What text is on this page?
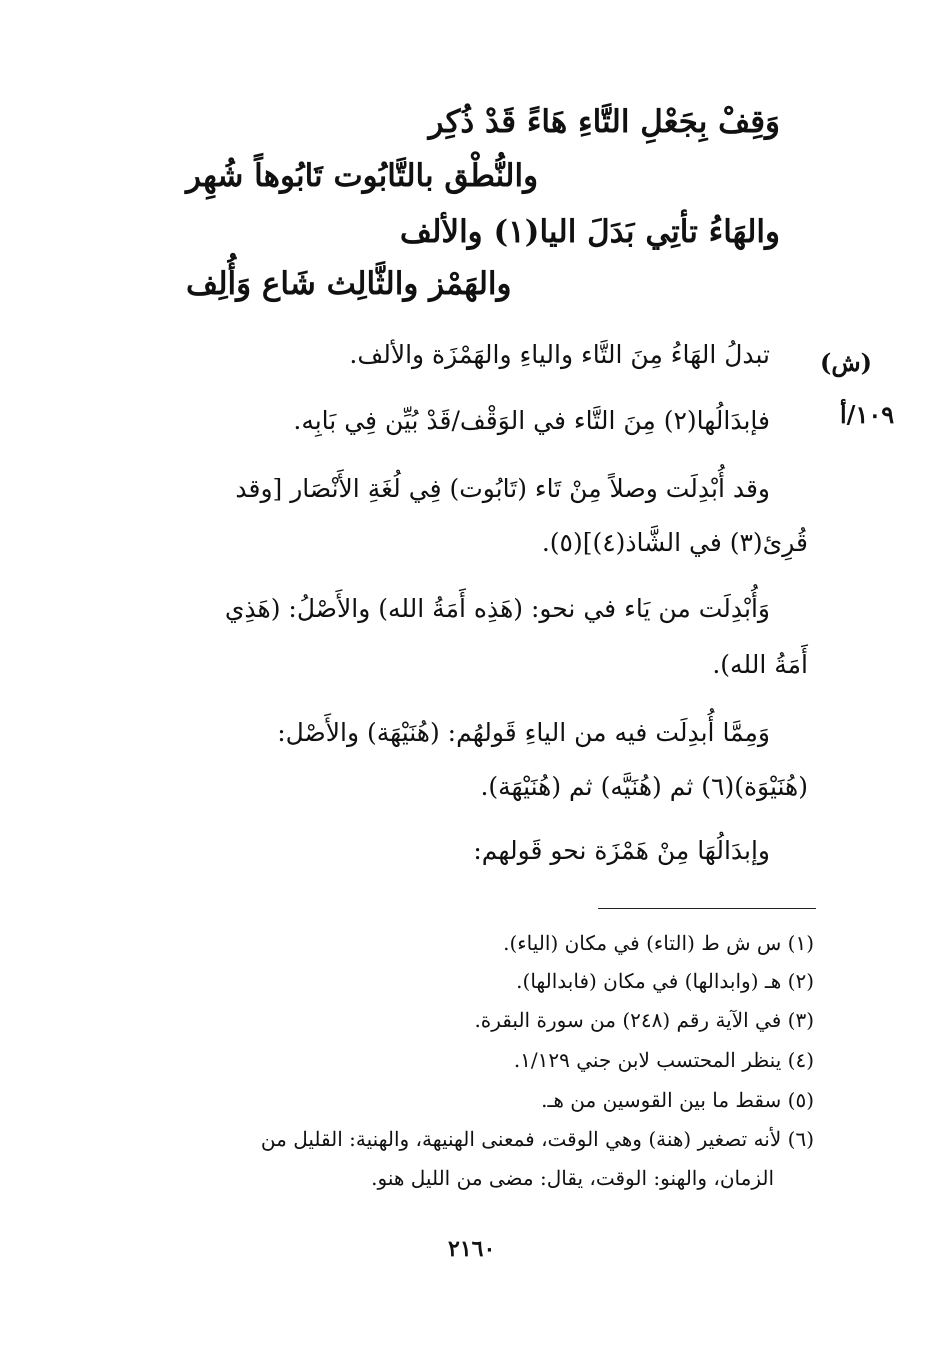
وَقِفْ بِجَعْلِ التَّاءِ هَاءً قَدْ ذُكِر
والنُّطْق بالتَّابُوت تَابُوهاً شُهِر
والهَاءُ تأتِي بَدَلَ اليا(١) والألف
والهَمْز والثَّالِث شَاع وَأُلِف
(ش)
١٠٩/أ
تبدلُ الهَاءُ مِنَ التَّاء والياءِ والهَمْزَة والألف.
فإبدَالُها(٢) مِنَ التَّاء في الوَقْف/قَدْ بُيِّن فِي بَابِه.
وقد أُبْدِلَت وصلاً مِنْ تَاء (تَابُوت) فِي لُغَةِ الأَنْصَار [وقد
قُرِئ(٣) في الشَّاذ(٤)](٥).
وَأُبْدِلَت من يَاء في نحو: (هَذِه أَمَةُ الله) والأَصْلُ: (هَذِي
أَمَةُ الله).
وَمِمَّا أُبدِلَت فيه من الياءِ قَولهُم: (هُنَيْهَة) والأَصْل:
(هُنَيْوَة)(٦) ثم (هُنَيَّه) ثم (هُنَيْهَة).
وإبدَالُهَا مِنْ هَمْزَة نحو قَولهم:
(١) س ش ط (التاء) في مكان (الياء).
(٢) هـ (وابدالها) في مكان (فابدالها).
(٣) في الآية رقم (٢٤٨) من سورة البقرة.
(٤) ينظر المحتسب لابن جني ١/١٢٩.
(٥) سقط ما بين القوسين من هـ.
(٦) لأنه تصغير (هنة) وهي الوقت، فمعنى الهنيهة، والهنية: القليل من
الزمان، والهنو: الوقت، يقال: مضى من الليل هنو.
٢١٦٠
